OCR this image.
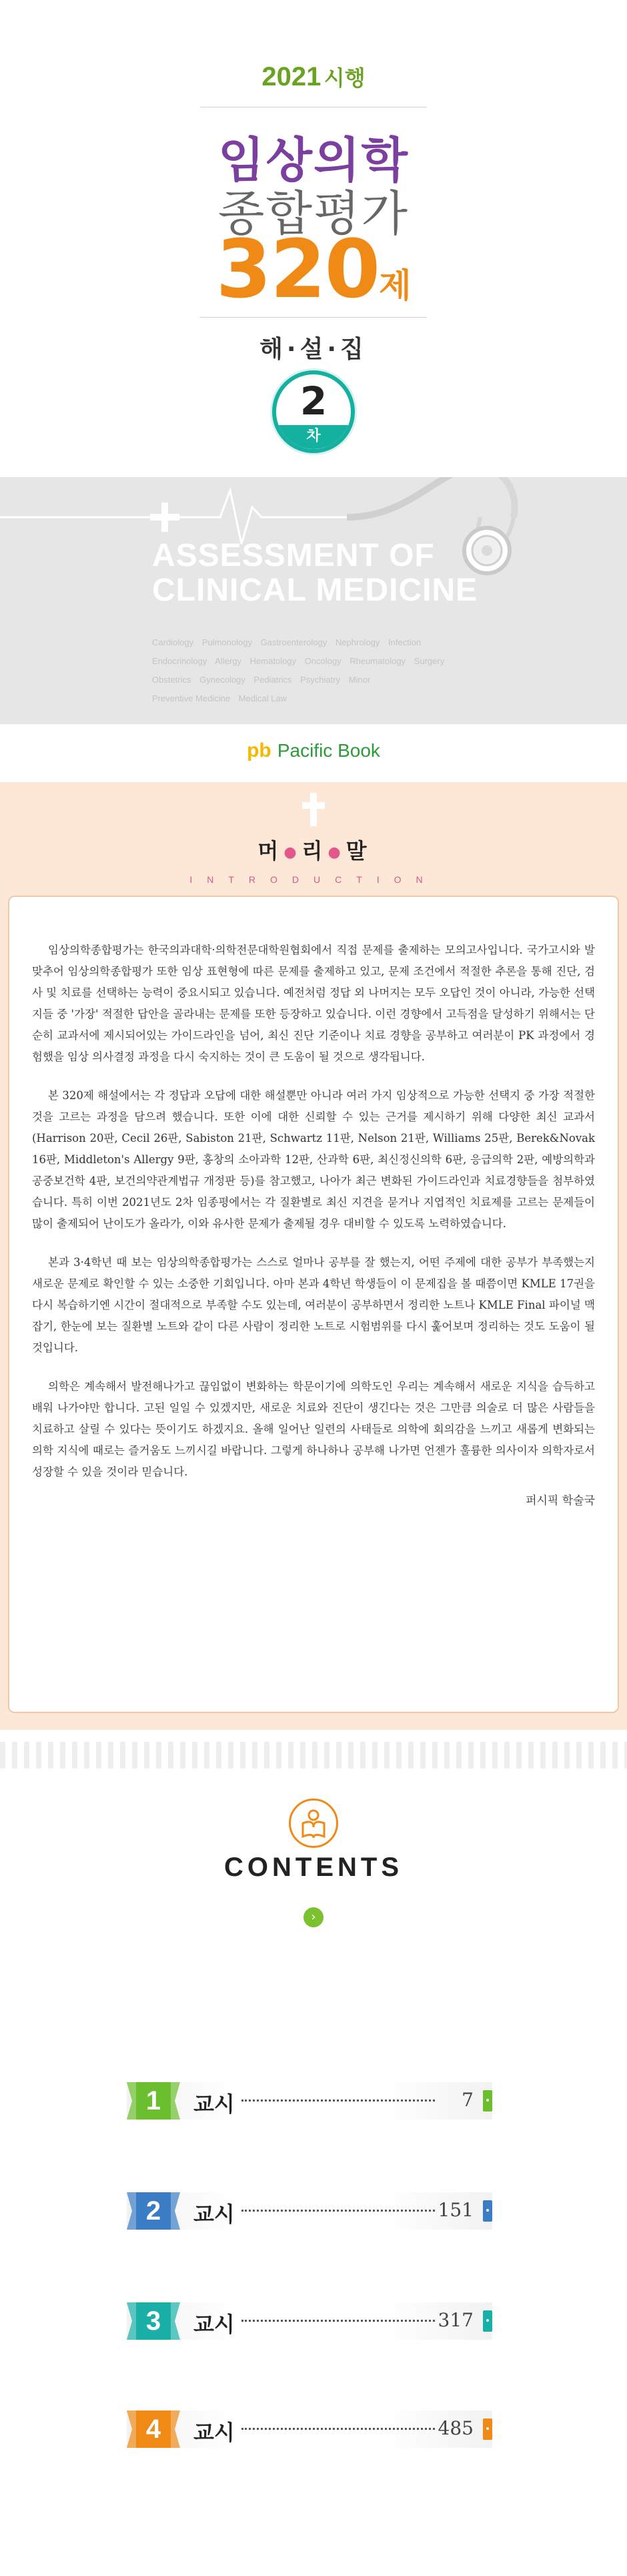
2021 시행
임상의학
종합평가
320제
해·설·집
2
차
ASSESSMENT OF
CLINICAL MEDICINE
Cardiology Pulmonology Gastroenterology Nephrology Infection
Endocrinology Allergy Hematology Oncology Rheumatology Surgery
Obstetrics Gynecology Pediatrics Psychiatry Minor
Preventive Medicine Medical Law
pb Pacific Book
머 ● 리 ● 말
INTRODUCTION

임상의학종합평가는 한국의과대학·의학전문대학원협회에서 직접 문제를 출제하는 모의고사입니다. 국가고시와 발맞추어 임상의학종합평가 또한 임상 표현형에 따른 문제를 출제하고 있고, 문제 조건에서 적절한 추론을 통해 진단, 검사 및 치료를 선택하는 능력이 중요시되고 있습니다. 예전처럼 정답 외 나머지는 모두 오답인 것이 아니라, 가능한 선택지들 중 '가장' 적절한 답안을 골라내는 문제를 또한 등장하고 있습니다. 이런 경향에서 고득점을 달성하기 위해서는 단순히 교과서에 제시되어있는 가이드라인을 넘어, 최신 진단 기준이나 치료 경향을 공부하고 여러분이 PK 과정에서 경험했을 임상 의사결정 과정을 다시 숙지하는 것이 큰 도움이 될 것으로 생각됩니다.

본 320제 해설에서는 각 정답과 오답에 대한 해설뿐만 아니라 여러 가지 임상적으로 가능한 선택지 중 가장 적절한 것을 고르는 과정을 담으려 했습니다. 또한 이에 대한 신뢰할 수 있는 근거를 제시하기 위해 다양한 최신 교과서(Harrison 20판, Cecil 26판, Sabiston 21판, Schwartz 11판, Nelson 21판, Williams 25판, Berek&Novak 16판, Middleton's Allergy 9판, 홍창의 소아과학 12판, 산과학 6판, 최신정신의학 6판, 응급의학 2판, 예방의학과 공중보건학 4판, 보건의약관계법규 개정판 등)를 참고했고, 나아가 최근 변화된 가이드라인과 치료경향들을 첨부하였습니다. 특히 이번 2021년도 2차 임종평에서는 각 질환별로 최신 지견을 묻거나 지엽적인 치료제를 고르는 문제들이 많이 출제되어 난이도가 올라가, 이와 유사한 문제가 출제될 경우 대비할 수 있도록 노력하였습니다.

본과 3·4학년 때 보는 임상의학종합평가는 스스로 얼마나 공부를 잘 했는지, 어떤 주제에 대한 공부가 부족했는지 새로운 문제로 확인할 수 있는 소중한 기회입니다. 아마 본과 4학년 학생들이 이 문제집을 볼 때쯤이면 KMLE 17권을 다시 복습하기엔 시간이 절대적으로 부족할 수도 있는데, 여러분이 공부하면서 정리한 노트나 KMLE Final 파이널 맥잡기, 한눈에 보는 질환별 노트와 같이 다른 사람이 정리한 노트로 시험범위를 다시 훑어보며 정리하는 것도 도움이 될 것입니다.

의학은 계속해서 발전해나가고 끊임없이 변화하는 학문이기에 의학도인 우리는 계속해서 새로운 지식을 습득하고 배워 나가야만 합니다. 고된 일일 수 있겠지만, 새로운 치료와 진단이 생긴다는 것은 그만큼 의술로 더 많은 사람들을 치료하고 살릴 수 있다는 뜻이기도 하겠지요. 올해 일어난 일련의 사태들로 의학에 회의감을 느끼고 새롭게 변화되는 의학 지식에 때로는 즐거움도 느끼시길 바랍니다. 그렇게 하나하나 공부해 나가면 언젠가 훌륭한 의사이자 의학자로서 성장할 수 있을 것이라 믿습니다.

퍼시픽 학술국
CONTENTS
›
1	교시	7
2	교시	151
3	교시	317
4	교시	485
